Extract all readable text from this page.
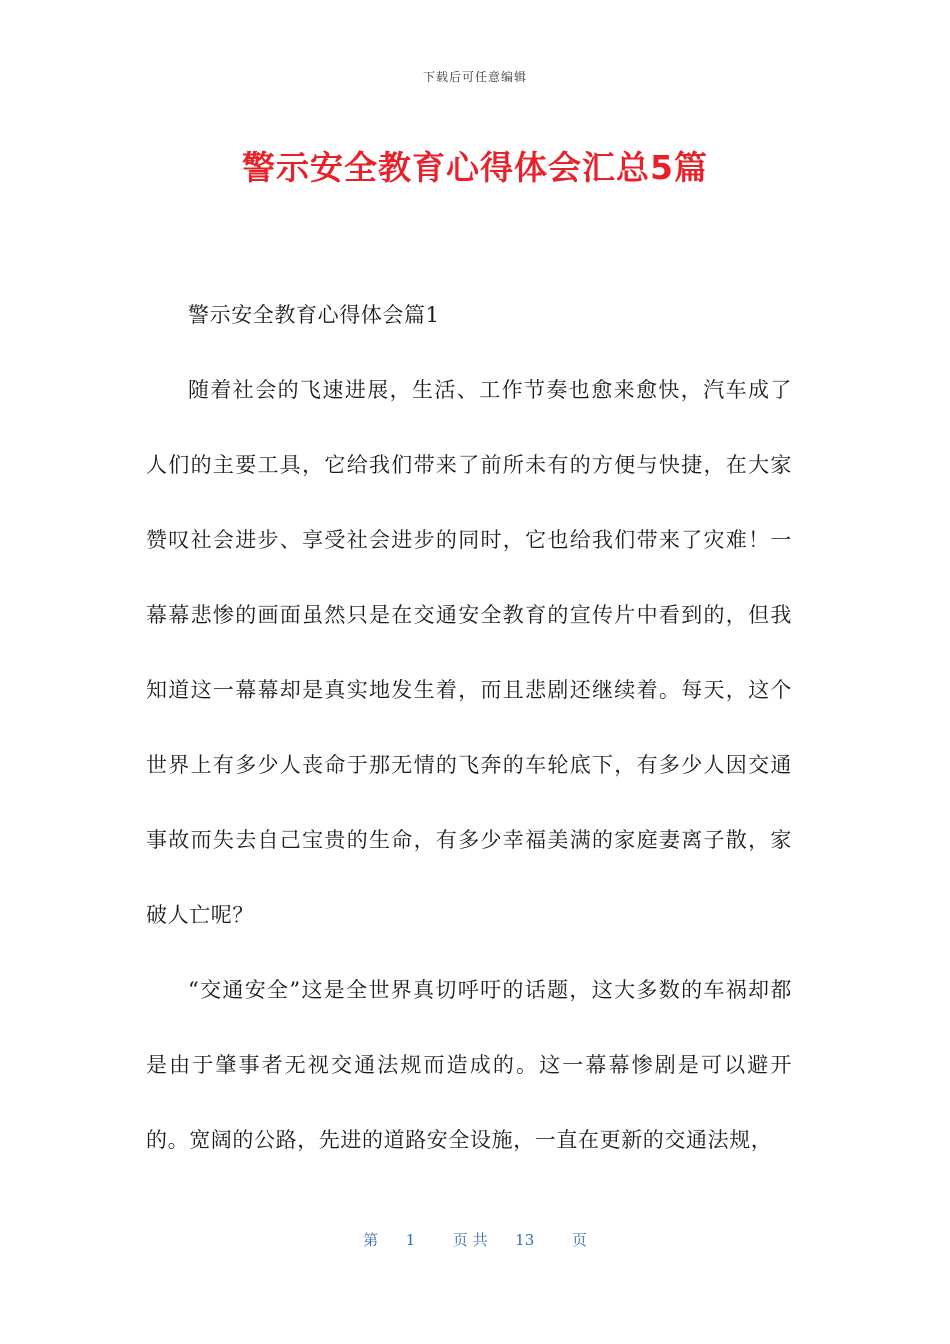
下载后可任意编辑
警示安全教育心得体会汇总5篇

警示安全教育心得体会篇1

随着社会的飞速进展，生活、工作节奏也愈来愈快，汽车成了人们的主要工具，它给我们带来了前所未有的方便与快捷，在大家赞叹社会进步、享受社会进步的同时，它也给我们带来了灾难！一幕幕悲惨的画面虽然只是在交通安全教育的宣传片中看到的，但我知道这一幕幕却是真实地发生着，而且悲剧还继续着。每天，这个世界上有多少人丧命于那无情的飞奔的车轮底下，有多少人因交通事故而失去自己宝贵的生命，有多少幸福美满的家庭妻离子散，家破人亡呢？

“交通安全”这是全世界真切呼吁的话题，这大多数的车祸却都是由于肇事者无视交通法规而造成的。这一幕幕惨剧是可以避开的。宽阔的公路，先进的道路安全设施，一直在更新的交通法规，

第 1	页 共 13	页
